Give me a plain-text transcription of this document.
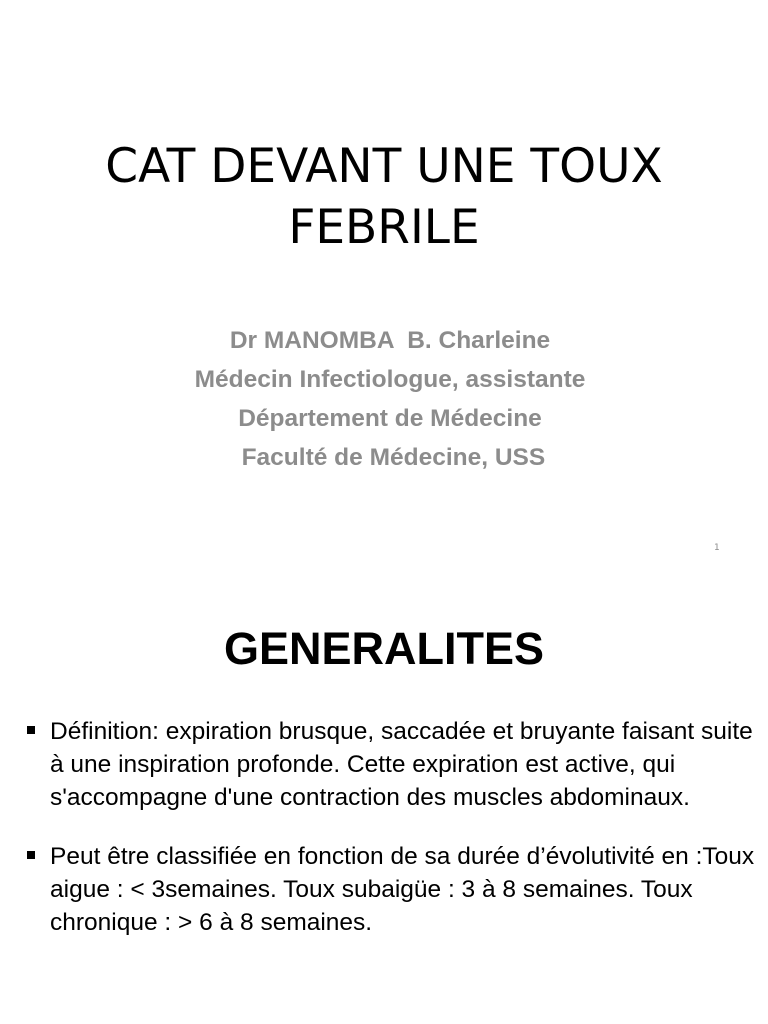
CAT DEVANT UNE TOUX
FEBRILE
Dr MANOMBA  B. Charleine
Médecin Infectiologue, assistante
Département de Médecine
Faculté de Médecine, USS
1
GENERALITES
Définition: expiration brusque, saccadée et bruyante faisant suite à une inspiration profonde. Cette expiration est active, qui s'accompagne d'une contraction des muscles abdominaux.
Peut être classifiée en fonction de sa durée d’évolutivité en :Toux aigue : < 3semaines. Toux subaigüe : 3 à 8 semaines. Toux chronique : > 6 à 8 semaines.
